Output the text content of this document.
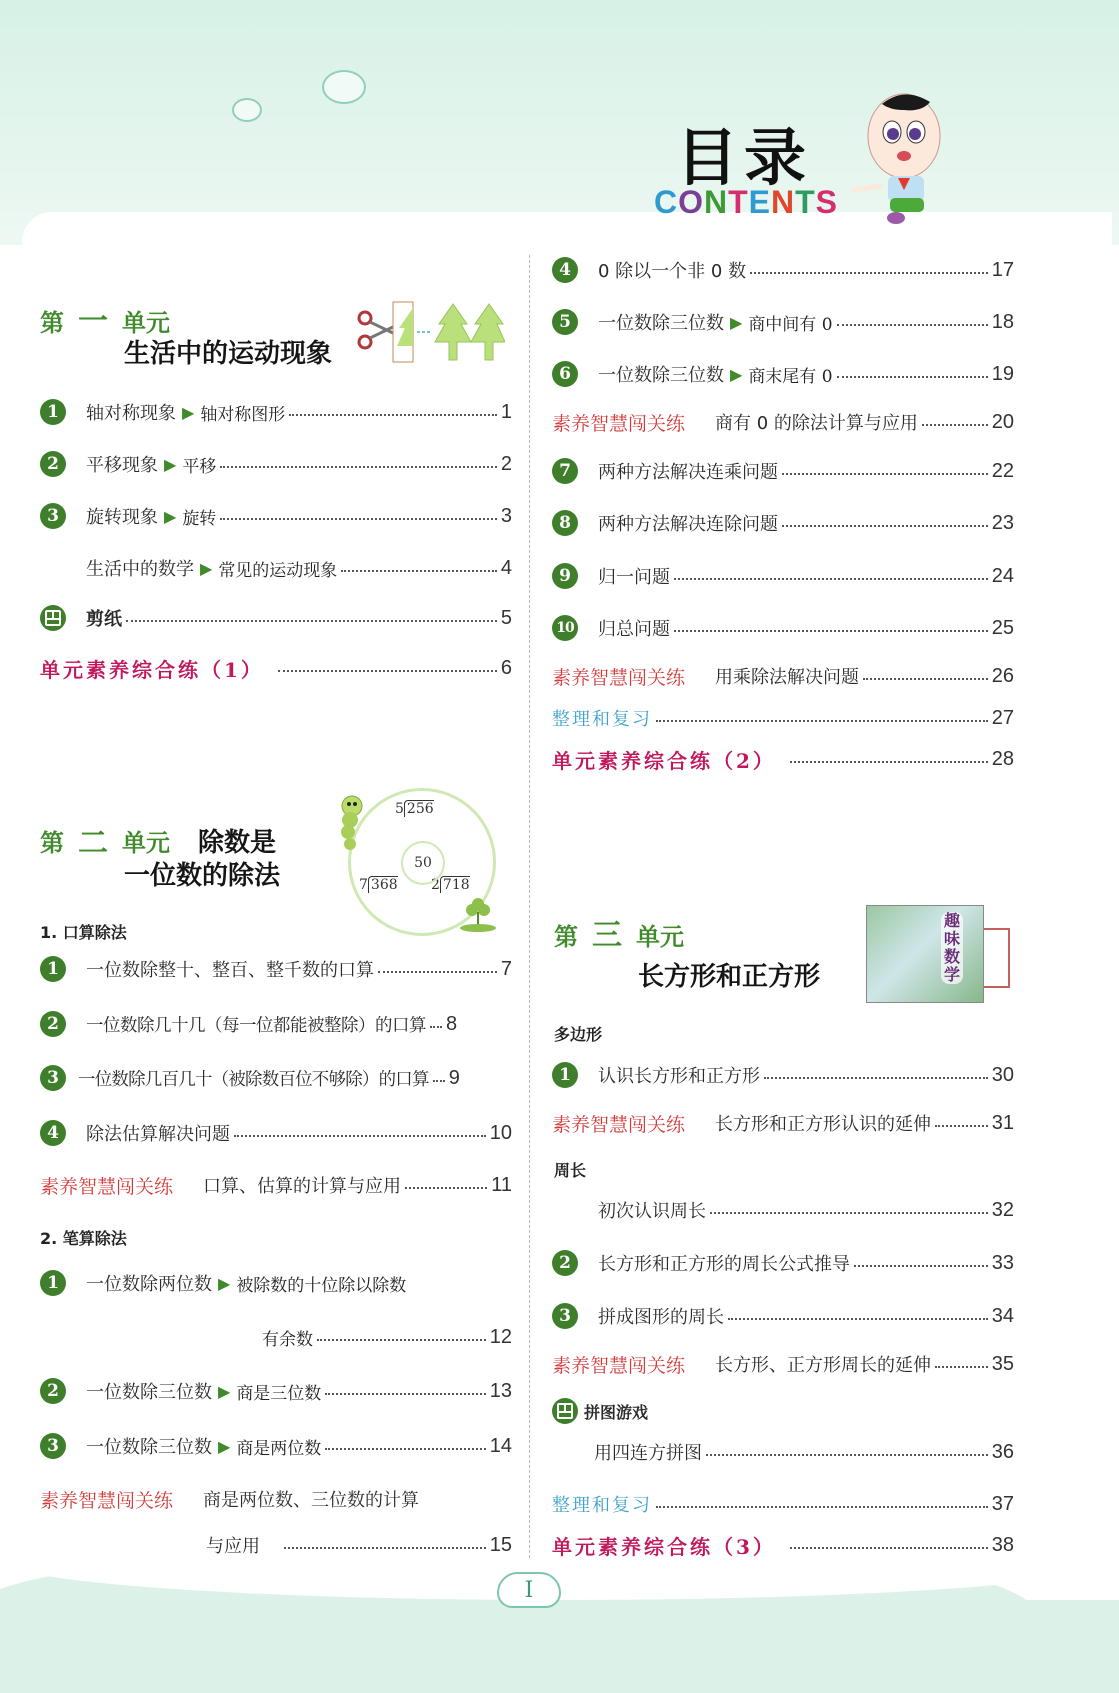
目录
CONTENTS
第 一 单元
生活中的运动现象
1	轴对称现象 ▶ 轴对称图形	1
2	平移现象 ▶ 平移	2
3	旋转现象 ▶ 旋转	3
生活中的数学 ▶ 常见的运动现象	4
剪纸	5
单元素养综合练（1）	6
第 二 单元 除数是
一位数的除法
5 256
7 368 2 718
50
1. 口算除法
1	一位数除整十、整百、整千数的口算	7
2	一位数除几十几（每一位都能被整除）的口算 8
3	一位数除几百几十（被除数百位不够除）的口算 9
4	除法估算解决问题	10
素养智慧闯关练 口算、估算的计算与应用	11
2. 笔算除法
1	一位数除两位数 ▶ 被除数的十位除以除数
有余数	12
2	一位数除三位数 ▶ 商是三位数	13
3	一位数除三位数 ▶ 商是两位数	14
素养智慧闯关练 商是两位数、三位数的计算
与应用	15
4	0 除以一个非 0 数	17
5	一位数除三位数 ▶ 商中间有 0	18
6	一位数除三位数 ▶ 商末尾有 0	19
素养智慧闯关练 商有 0 的除法计算与应用	20
7	两种方法解决连乘问题	22
8	两种方法解决连除问题	23
9	归一问题	24
10 归总问题	25
素养智慧闯关练 用乘除法解决问题	26
整理和复习	27
单元素养综合练（2）	28
第 三 单元
长方形和正方形
趣味数学
多边形
1	认识长方形和正方形	30
素养智慧闯关练 长方形和正方形认识的延伸	31
周长
初次认识周长	32
2	长方形和正方形的周长公式推导	33
3	拼成图形的周长	34
素养智慧闯关练 长方形、正方形周长的延伸	35
拼图游戏
用四连方拼图	36
整理和复习	37
单元素养综合练（3）	38
I
